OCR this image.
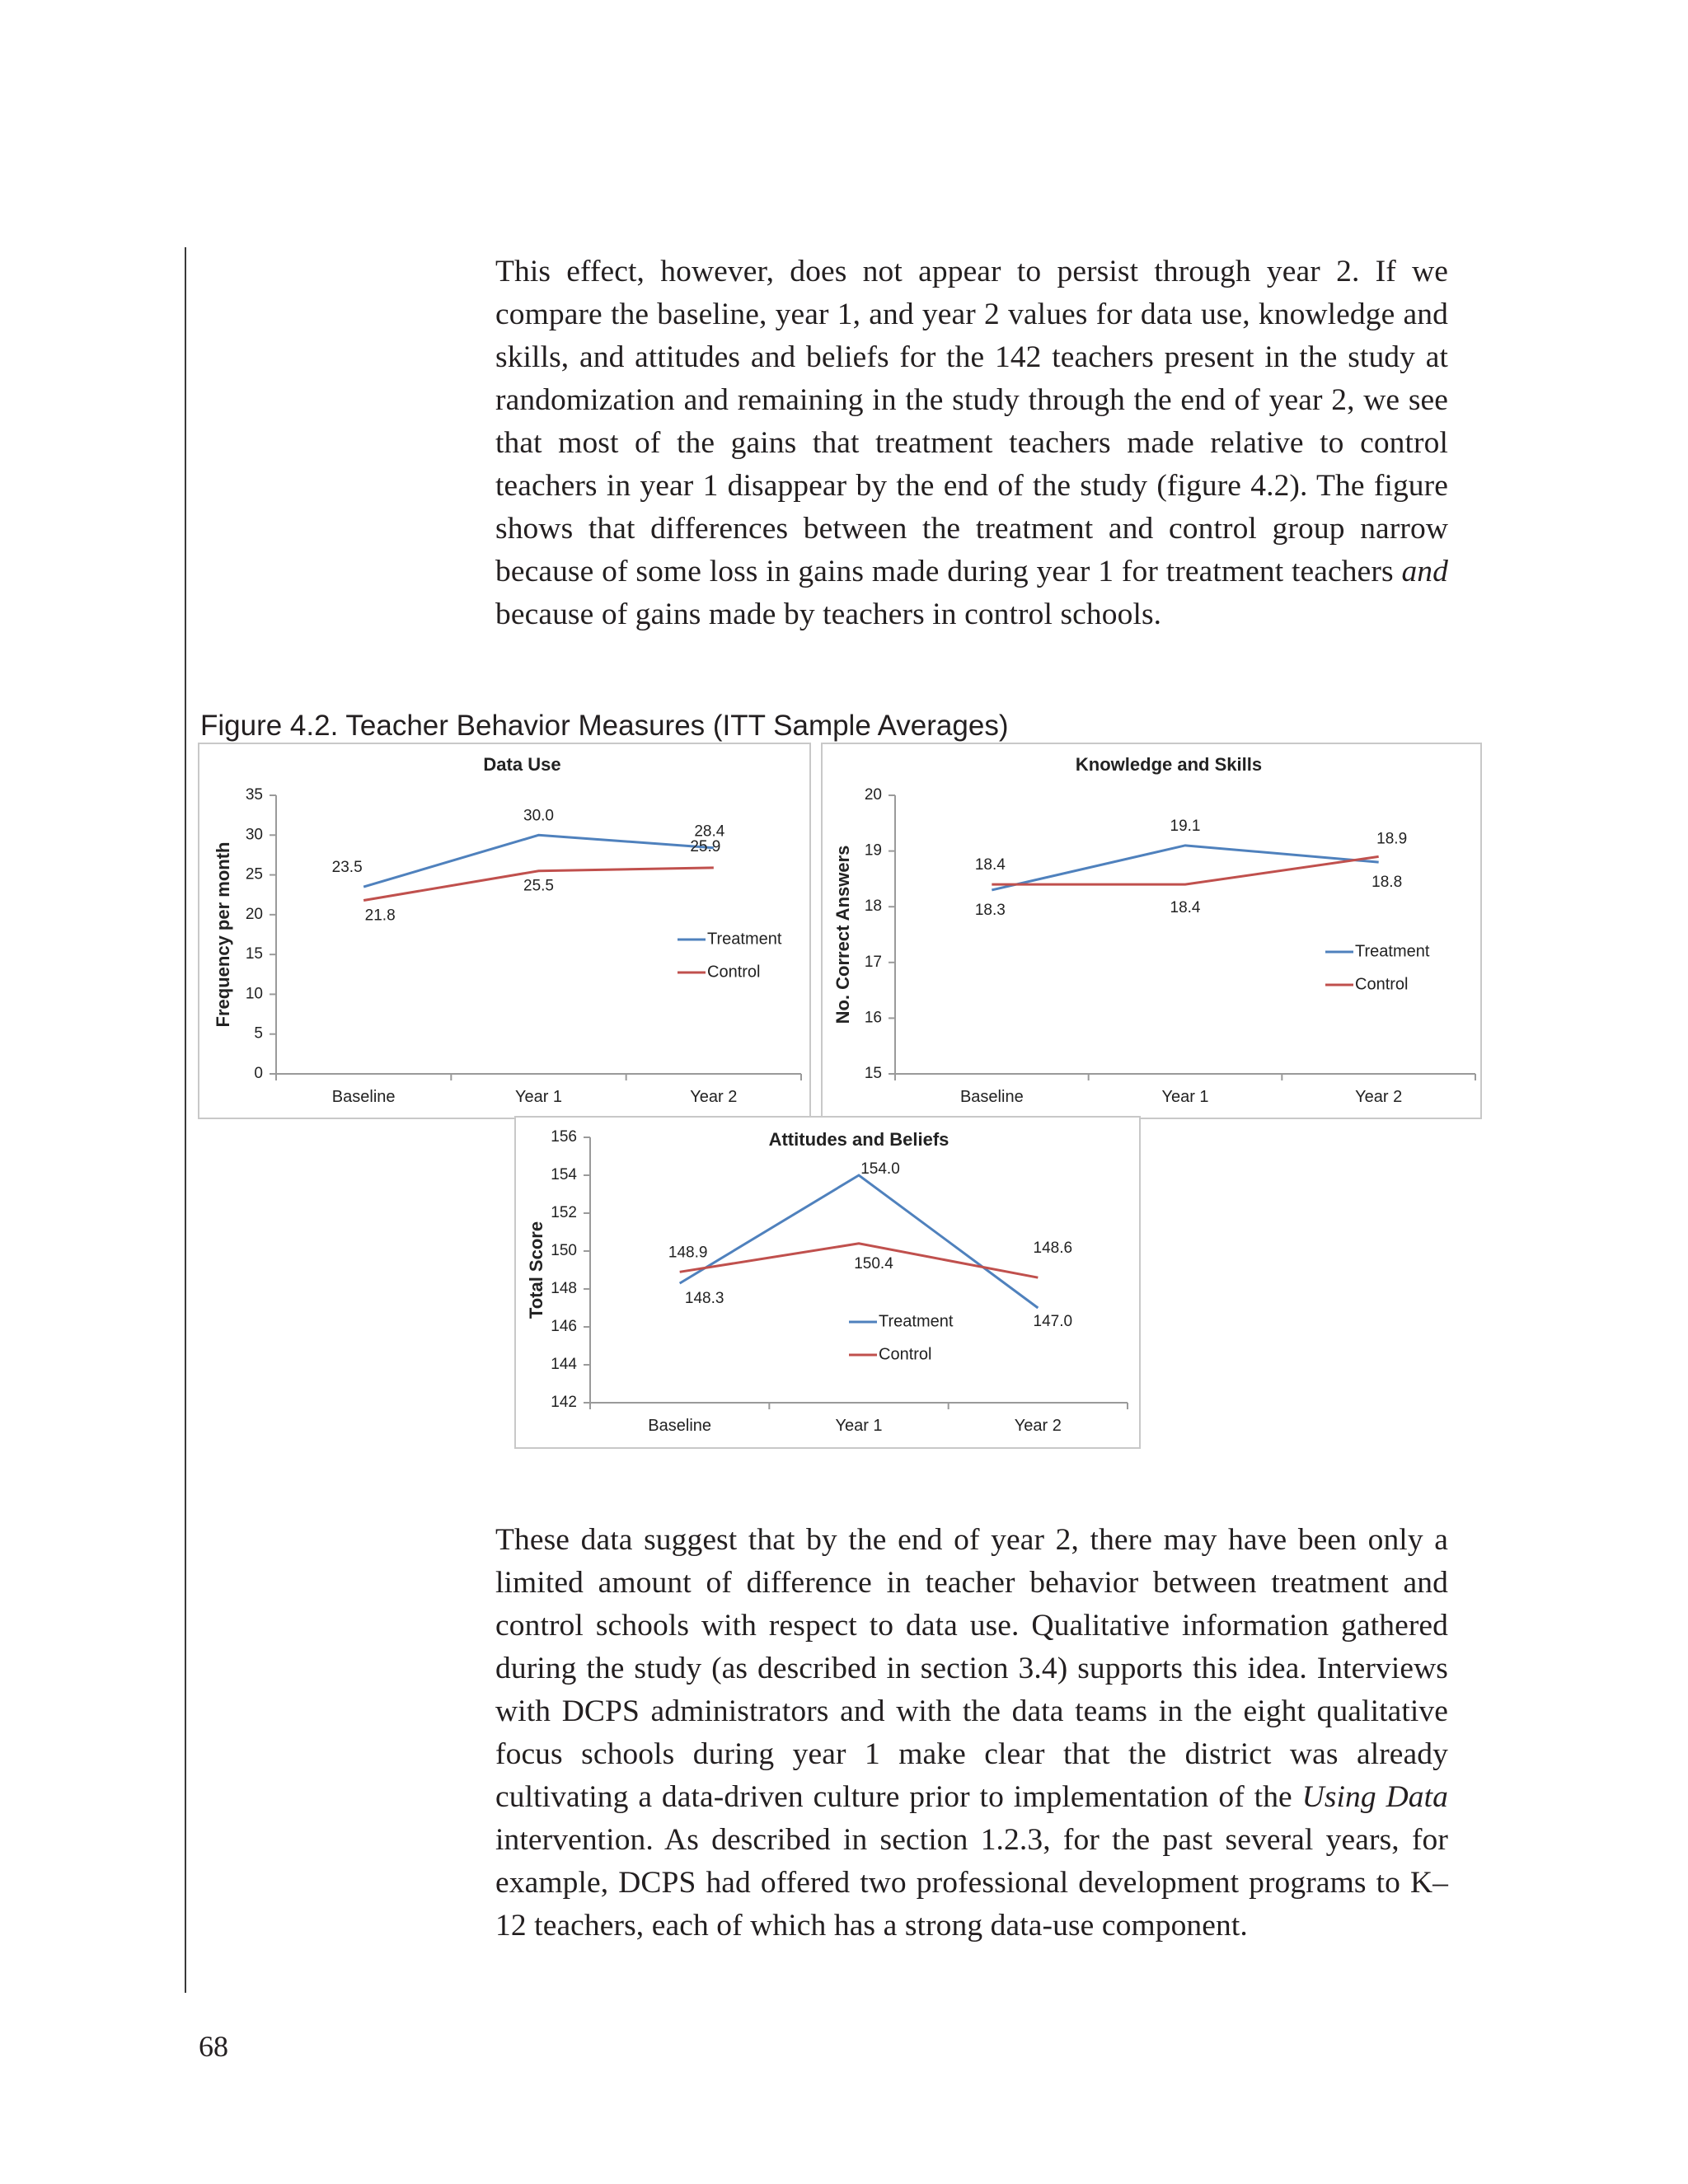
This effect, however, does not appear to persist through year 2. If we compare the baseline, year 1, and year 2 values for data use, knowledge and skills, and attitudes and beliefs for the 142 teachers present in the study at randomization and remaining in the study through the end of year 2, we see that most of the gains that treatment teachers made relative to control teachers in year 1 disappear by the end of the study (figure 4.2). The figure shows that differences between the treatment and control group narrow because of some loss in gains made during year 1 for treatment teachers and because of gains made by teachers in control schools.

Figure 4.2. Teacher Behavior Measures (ITT Sample Averages)
Data Use
Frequency per month
0
5
10
15
20
25
30
35
Baseline	Year 1	Year 2
23.5
30.0
28.4
21.8
25.5
25.9
Treatment
Control
Knowledge and Skills
No. Correct Answers
15
16
17
18
19
20
Baseline	Year 1	Year 2
18.3
19.1
18.8
18.4
18.4
18.9
Treatment
Control
Attitudes and Beliefs
Total Score
142
144
146
148
150
152
154
156
Baseline	Year 1	Year 2
148.3
154.0
147.0
148.9
150.4
148.6
Treatment
Control

These data suggest that by the end of year 2, there may have been only a limited amount of difference in teacher behavior between treatment and control schools with respect to data use. Qualitative information gathered during the study (as described in section 3.4) supports this idea. Interviews with DCPS administrators and with the data teams in the eight qualitative focus schools during year 1 make clear that the district was already cultivating a data-driven culture prior to implementation of the Using Data intervention. As described in section 1.2.3, for the past several years, for example, DCPS had offered two professional development programs to K–12 teachers, each of which has a strong data-use component.

68
